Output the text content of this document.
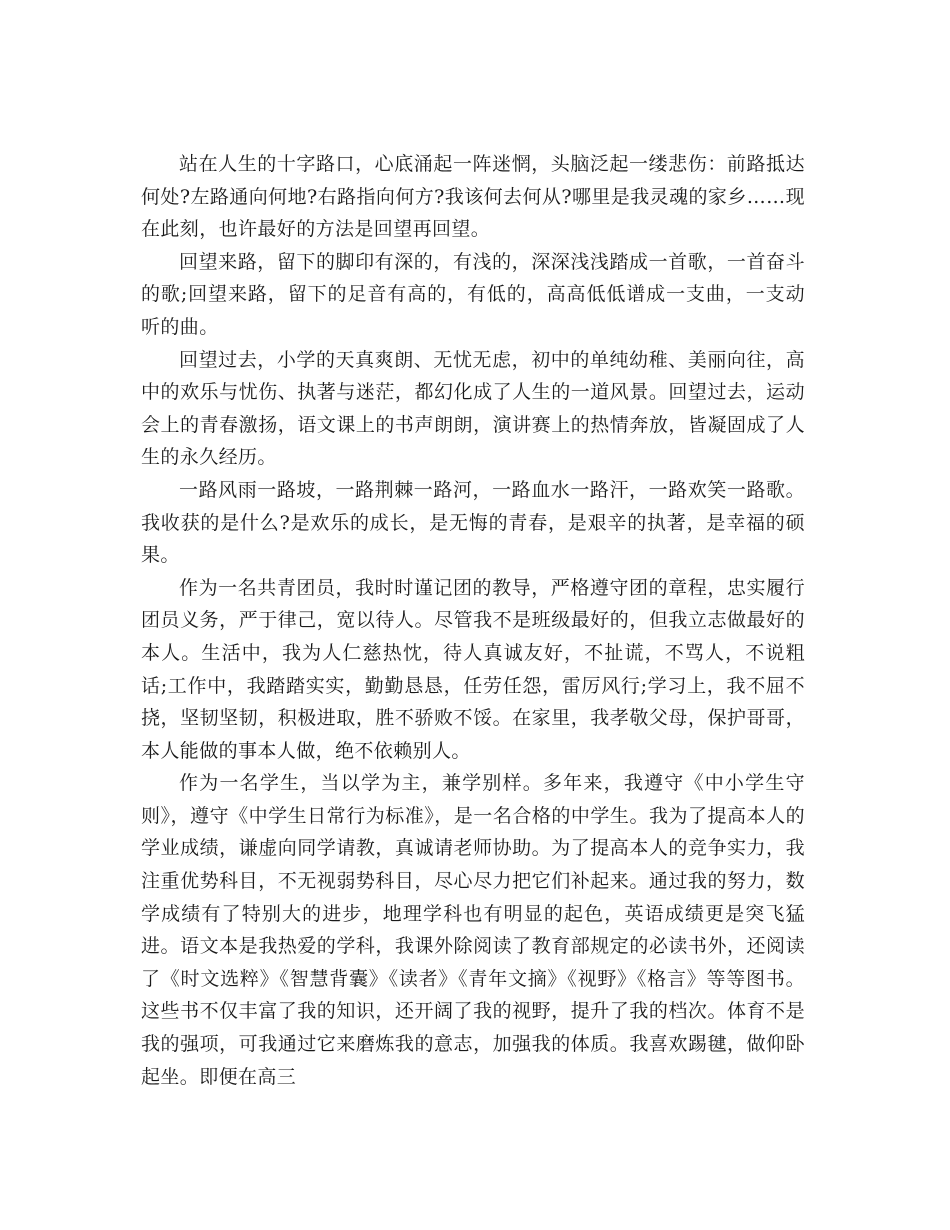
站在人生的十字路口，心底涌起一阵迷惘，头脑泛起一缕悲伤：前路抵达何处?左路通向何地?右路指向何方?我该何去何从?哪里是我灵魂的家乡……现在此刻，也许最好的方法是回望再回望。

回望来路，留下的脚印有深的，有浅的，深深浅浅踏成一首歌，一首奋斗的歌;回望来路，留下的足音有高的，有低的，高高低低谱成一支曲，一支动听的曲。

回望过去，小学的天真爽朗、无忧无虑，初中的单纯幼稚、美丽向往，高中的欢乐与忧伤、执著与迷茫，都幻化成了人生的一道风景。回望过去，运动会上的青春激扬，语文课上的书声朗朗，演讲赛上的热情奔放，皆凝固成了人生的永久经历。

一路风雨一路坡，一路荆棘一路河，一路血水一路汗，一路欢笑一路歌。我收获的是什么?是欢乐的成长，是无悔的青春，是艰辛的执著，是幸福的硕果。

作为一名共青团员，我时时谨记团的教导，严格遵守团的章程，忠实履行团员义务，严于律己，宽以待人。尽管我不是班级最好的，但我立志做最好的本人。生活中，我为人仁慈热忱，待人真诚友好，不扯谎，不骂人，不说粗话;工作中，我踏踏实实，勤勤恳恳，任劳任怨，雷厉风行;学习上，我不屈不挠，坚韧坚韧，积极进取，胜不骄败不馁。在家里，我孝敬父母，保护哥哥，本人能做的事本人做，绝不依赖别人。

作为一名学生，当以学为主，兼学别样。多年来，我遵守《中小学生守则》，遵守《中学生日常行为标准》，是一名合格的中学生。我为了提高本人的学业成绩，谦虚向同学请教，真诚请老师协助。为了提高本人的竞争实力，我注重优势科目，不无视弱势科目，尽心尽力把它们补起来。通过我的努力，数学成绩有了特别大的进步，地理学科也有明显的起色，英语成绩更是突飞猛进。语文本是我热爱的学科，我课外除阅读了教育部规定的必读书外，还阅读了《时文选粹》《智慧背囊》《读者》《青年文摘》《视野》《格言》等等图书。这些书不仅丰富了我的知识，还开阔了我的视野，提升了我的档次。体育不是我的强项，可我通过它来磨炼我的意志，加强我的体质。我喜欢踢毽，做仰卧起坐。即便在高三
